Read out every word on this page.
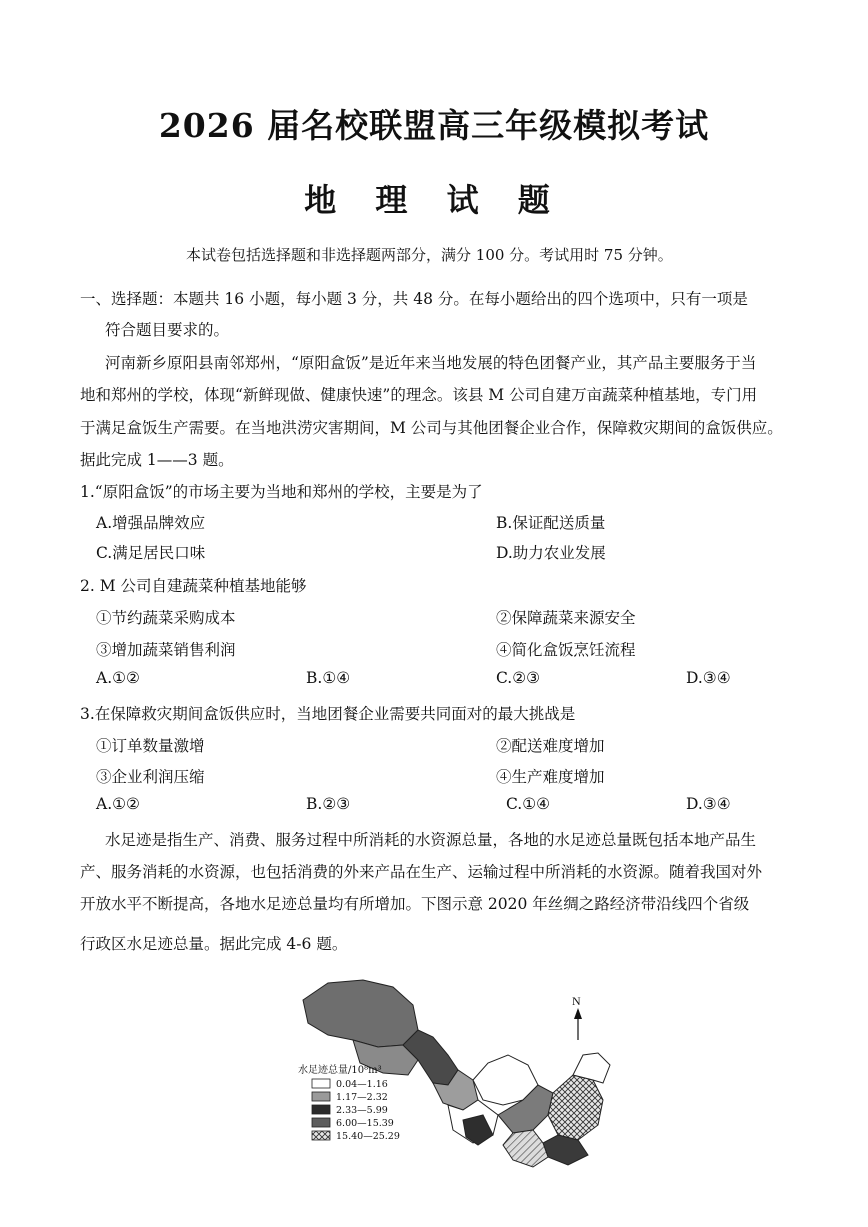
2026 届名校联盟高三年级模拟考试
地 理 试 题
本试卷包括选择题和非选择题两部分，满分 100 分。考试用时 75 分钟。
一、选择题：本题共 16 小题，每小题 3 分，共 48 分。在每小题给出的四个选项中，只有一项是
符合题目要求的。
河南新乡原阳县南邻郑州，“原阳盒饭”是近年来当地发展的特色团餐产业，其产品主要服务于当
地和郑州的学校，体现“新鲜现做、健康快速”的理念。该县 M 公司自建万亩蔬菜种植基地，专门用
于满足盒饭生产需要。在当地洪涝灾害期间，M 公司与其他团餐企业合作，保障救灾期间的盒饭供应。
据此完成 1——3 题。
1.“原阳盒饭”的市场主要为当地和郑州的学校，主要是为了
A.增强品牌效应	B.保证配送质量
C.满足居民口味	D.助力农业发展
2. M 公司自建蔬菜种植基地能够
①节约蔬菜采购成本	②保障蔬菜来源安全
③增加蔬菜销售利润	④简化盒饭烹饪流程
A.①②	B.①④	C.②③	D.③④
3.在保障救灾期间盒饭供应时，当地团餐企业需要共同面对的最大挑战是
①订单数量激增	②配送难度增加
③企业利润压缩	④生产难度增加
A.①②	B.②③	C.①④	D.③④
水足迹是指生产、消费、服务过程中所消耗的水资源总量，各地的水足迹总量既包括本地产品生
产、服务消耗的水资源，也包括消费的外来产品在生产、运输过程中所消耗的水资源。随着我国对外
开放水平不断提高，各地水足迹总量均有所增加。下图示意 2020 年丝绸之路经济带沿线四个省级
行政区水足迹总量。据此完成 4-6 题。
N
水足迹总量/10⁸m³
0.04—1.16
1.17—2.32
2.33—5.99
6.00—15.39
15.40—25.29
